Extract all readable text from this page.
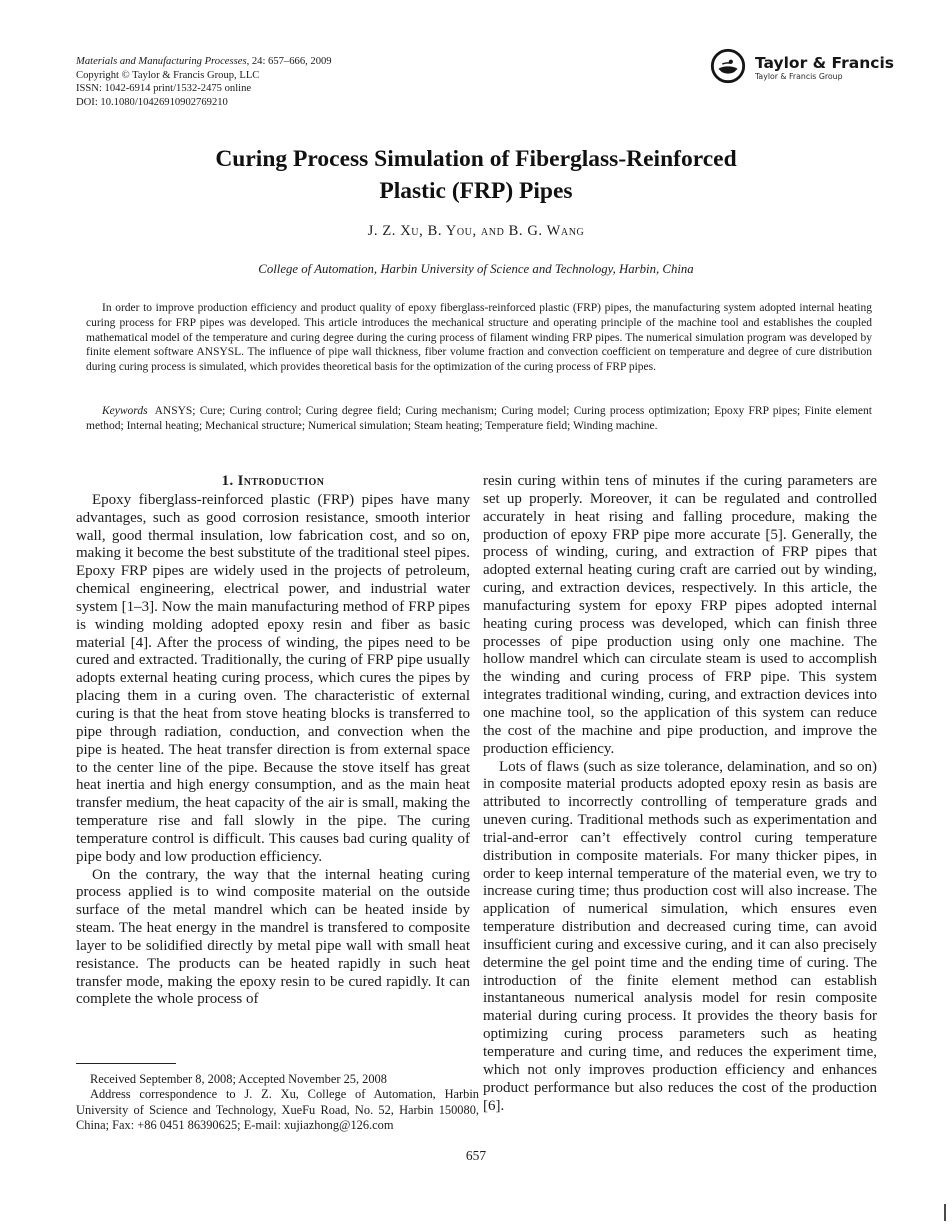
Materials and Manufacturing Processes, 24: 657–666, 2009
Copyright © Taylor & Francis Group, LLC
ISSN: 1042-6914 print/1532-2475 online
DOI: 10.1080/10426910902769210
Taylor & Francis
Taylor & Francis Group
Curing Process Simulation of Fiberglass-Reinforced
Plastic (FRP) Pipes
J. Z. Xu, B. You, and B. G. Wang
College of Automation, Harbin University of Science and Technology, Harbin, China

In order to improve production efficiency and product quality of epoxy fiberglass-reinforced plastic (FRP) pipes, the manufacturing system adopted internal heating curing process for FRP pipes was developed. This article introduces the mechanical structure and operating principle of the machine tool and establishes the coupled mathematical model of the temperature and curing degree during the curing process of filament winding FRP pipes. The numerical simulation program was developed by finite element software ANSYSL. The influence of pipe wall thickness, fiber volume fraction and convection coefficient on temperature and degree of cure distribution during curing process is simulated, which provides theoretical basis for the optimization of the curing process of FRP pipes.

Keywords ANSYS; Cure; Curing control; Curing degree field; Curing mechanism; Curing model; Curing process optimization; Epoxy FRP pipes; Finite element method; Internal heating; Mechanical structure; Numerical simulation; Steam heating; Temperature field; Winding machine.

1. Introduction

Epoxy fiberglass-reinforced plastic (FRP) pipes have many advantages, such as good corrosion resistance, smooth interior wall, good thermal insulation, low fabrication cost, and so on, making it become the best substitute of the traditional steel pipes. Epoxy FRP pipes are widely used in the projects of petroleum, chemical engineering, electrical power, and industrial water system [1–3]. Now the main manufacturing method of FRP pipes is winding molding adopted epoxy resin and fiber as basic material [4]. After the process of winding, the pipes need to be cured and extracted. Traditionally, the curing of FRP pipe usually adopts external heating curing process, which cures the pipes by placing them in a curing oven. The characteristic of external curing is that the heat from stove heating blocks is transferred to pipe through radiation, conduction, and convection when the pipe is heated. The heat transfer direction is from external space to the center line of the pipe. Because the stove itself has great heat inertia and high energy consumption, and as the main heat transfer medium, the heat capacity of the air is small, making the temperature rise and fall slowly in the pipe. The curing temperature control is difficult. This causes bad curing quality of pipe body and low production efficiency.

On the contrary, the way that the internal heating curing process applied is to wind composite material on the outside surface of the metal mandrel which can be heated inside by steam. The heat energy in the mandrel is transfered to composite layer to be solidified directly by metal pipe wall with small heat resistance. The products can be heated rapidly in such heat transfer mode, making the epoxy resin to be cured rapidly. It can complete the whole process of

resin curing within tens of minutes if the curing parameters are set up properly. Moreover, it can be regulated and controlled accurately in heat rising and falling procedure, making the production of epoxy FRP pipe more accurate [5]. Generally, the process of winding, curing, and extraction of FRP pipes that adopted external heating curing craft are carried out by winding, curing, and extraction devices, respectively. In this article, the manufacturing system for epoxy FRP pipes adopted internal heating curing process was developed, which can finish three processes of pipe production using only one machine. The hollow mandrel which can circulate steam is used to accomplish the winding and curing process of FRP pipe. This system integrates traditional winding, curing, and extraction devices into one machine tool, so the application of this system can reduce the cost of the machine and pipe production, and improve the production efficiency.

Lots of flaws (such as size tolerance, delamination, and so on) in composite material products adopted epoxy resin as basis are attributed to incorrectly controlling of temperature grads and uneven curing. Traditional methods such as experimentation and trial-and-error can’t effectively control curing temperature distribution in composite materials. For many thicker pipes, in order to keep internal temperature of the material even, we try to increase curing time; thus production cost will also increase. The application of numerical simulation, which ensures even temperature distribution and decreased curing time, can avoid insufficient curing and excessive curing, and it can also precisely determine the gel point time and the ending time of curing. The introduction of the finite element method can establish instantaneous numerical analysis model for resin composite material during curing process. It provides the theory basis for optimizing curing process parameters such as heating temperature and curing time, and reduces the experiment time, which not only improves production efficiency and enhances product performance but also reduces the cost of the production [6].

Received September 8, 2008; Accepted November 25, 2008

Address correspondence to J. Z. Xu, College of Automation, Harbin University of Science and Technology, XueFu Road, No. 52, Harbin 150080, China; Fax: +86 0451 86390625; E-mail: xujiazhong@126.com

657
